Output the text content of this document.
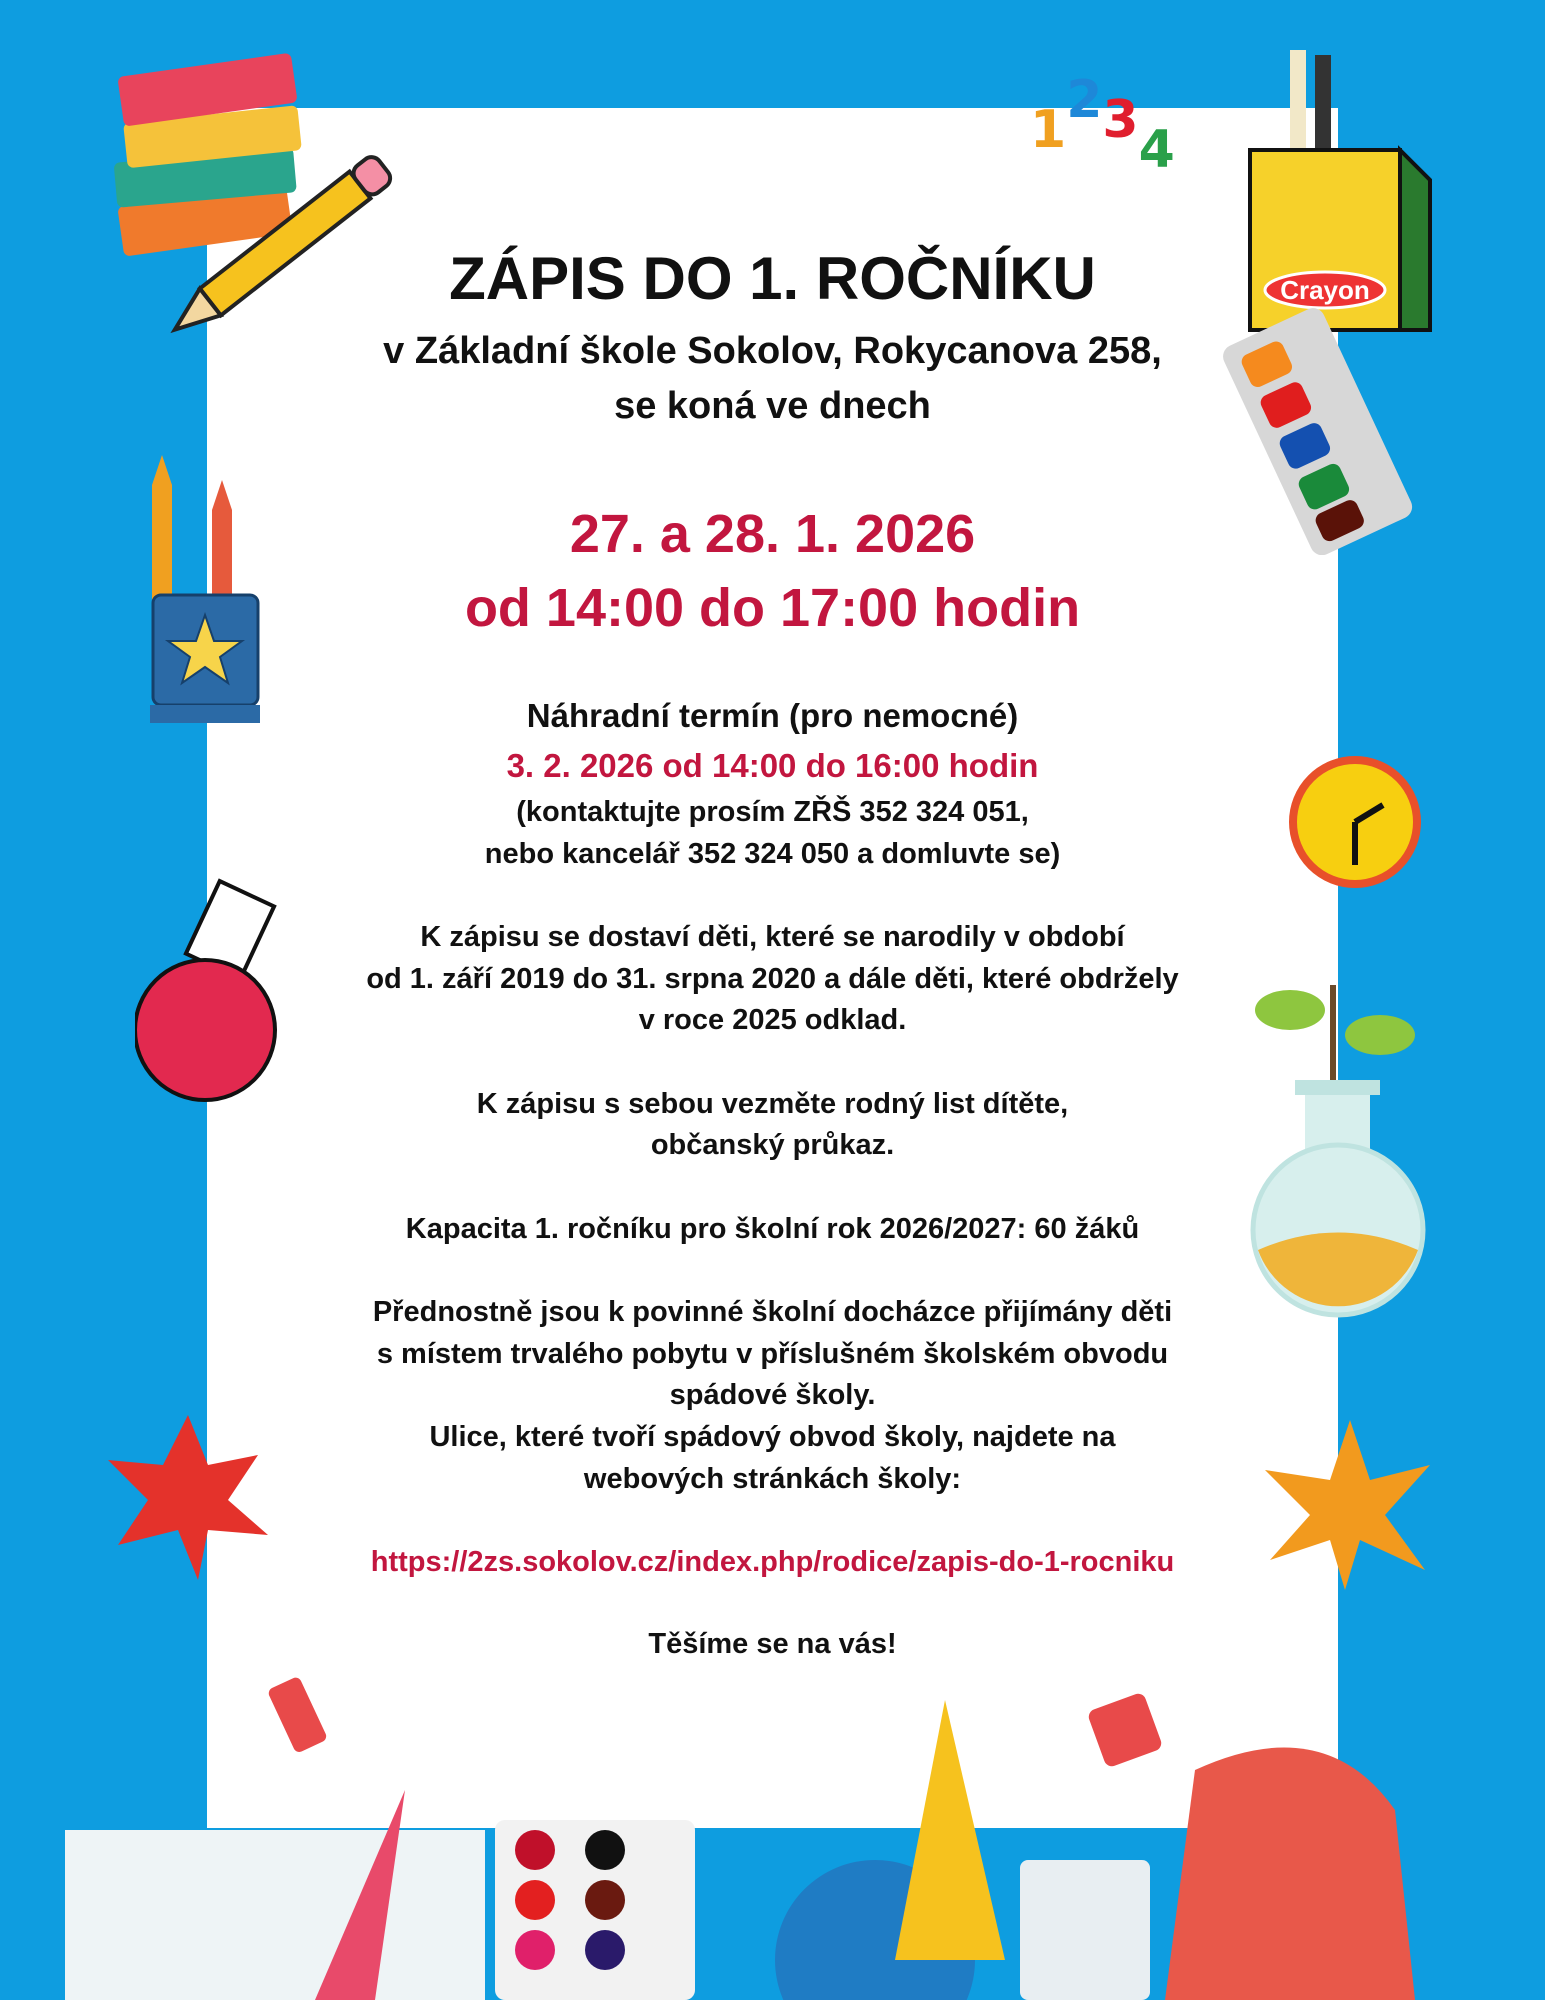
1234
Crayon
ZÁPIS DO 1. ROČNÍKU
v Základní škole Sokolov, Rokycanova 258,
se koná ve dnech
27. a 28. 1. 2026
od 14:00 do 17:00 hodin
Náhradní termín (pro nemocné)
3. 2. 2026 od 14:00 do 16:00 hodin
(kontaktujte prosím ZŘŠ 352 324 051,
nebo kancelář 352 324 050 a domluvte se)
K zápisu se dostaví děti, které se narodily v období
od 1. září 2019 do 31. srpna 2020 a dále děti, které obdržely
v roce 2025 odklad.
K zápisu s sebou vezměte rodný list dítěte,
občanský průkaz.
Kapacita 1. ročníku pro školní rok 2026/2027: 60 žáků
Přednostně jsou k povinné školní docházce přijímány děti
s místem trvalého pobytu v příslušném školském obvodu
spádové školy.
Ulice, které tvoří spádový obvod školy, najdete na
webových stránkách školy:
https://2zs.sokolov.cz/index.php/rodice/zapis-do-1-rocniku
Těšíme se na vás!
